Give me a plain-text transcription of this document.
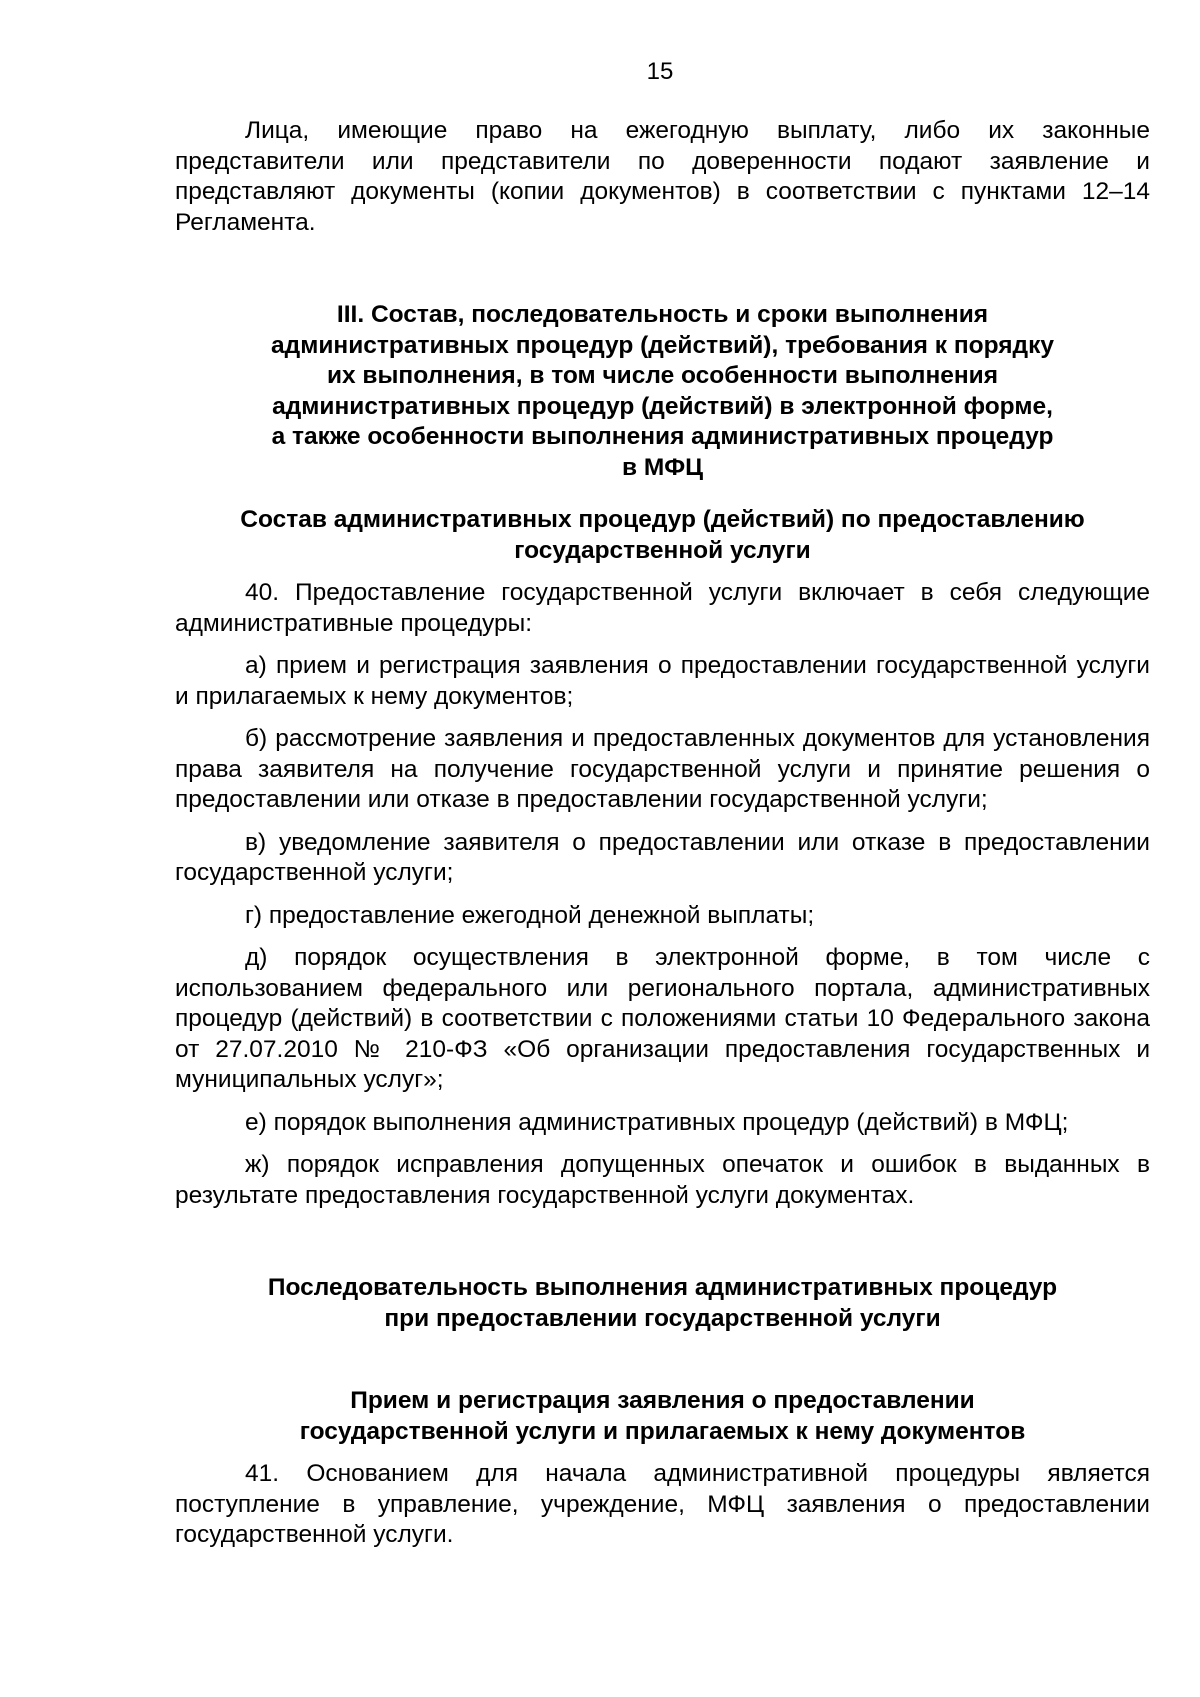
15

Лица, имеющие право на ежегодную выплату, либо их законные представители или представители по доверенности подают заявление и представляют документы (копии документов) в соответствии с пунктами 12–14 Регламента.

III. Состав, последовательность и сроки выполнения
административных процедур (действий), требования к порядку
их выполнения, в том числе особенности выполнения
административных процедур (действий) в электронной форме,
а также особенности выполнения административных процедур
в МФЦ
Состав административных процедур (действий) по предоставлению
государственной услуги

40. Предоставление государственной услуги включает в себя следующие административные процедуры:

а) прием и регистрация заявления о предоставлении государственной услуги и прилагаемых к нему документов;

б) рассмотрение заявления и предоставленных документов для установления права заявителя на получение государственной услуги и принятие решения о предоставлении или отказе в предоставлении государственной услуги;

в) уведомление заявителя о предоставлении или отказе в предоставлении государственной услуги;

г) предоставление ежегодной денежной выплаты;

д) порядок осуществления в электронной форме, в том числе с использованием федерального или регионального портала, административных процедур (действий) в соответствии с положениями статьи 10 Федерального закона от 27.07.2010 № 210-ФЗ «Об организации предоставления государственных и муниципальных услуг»;

е) порядок выполнения административных процедур (действий) в МФЦ;

ж) порядок исправления допущенных опечаток и ошибок в выданных в результате предоставления государственной услуги документах.

Последовательность выполнения административных процедур
при предоставлении государственной услуги
Прием и регистрация заявления о предоставлении
государственной услуги и прилагаемых к нему документов

41. Основанием для начала административной процедуры является поступление в управление, учреждение, МФЦ заявления о предоставлении государственной услуги.
